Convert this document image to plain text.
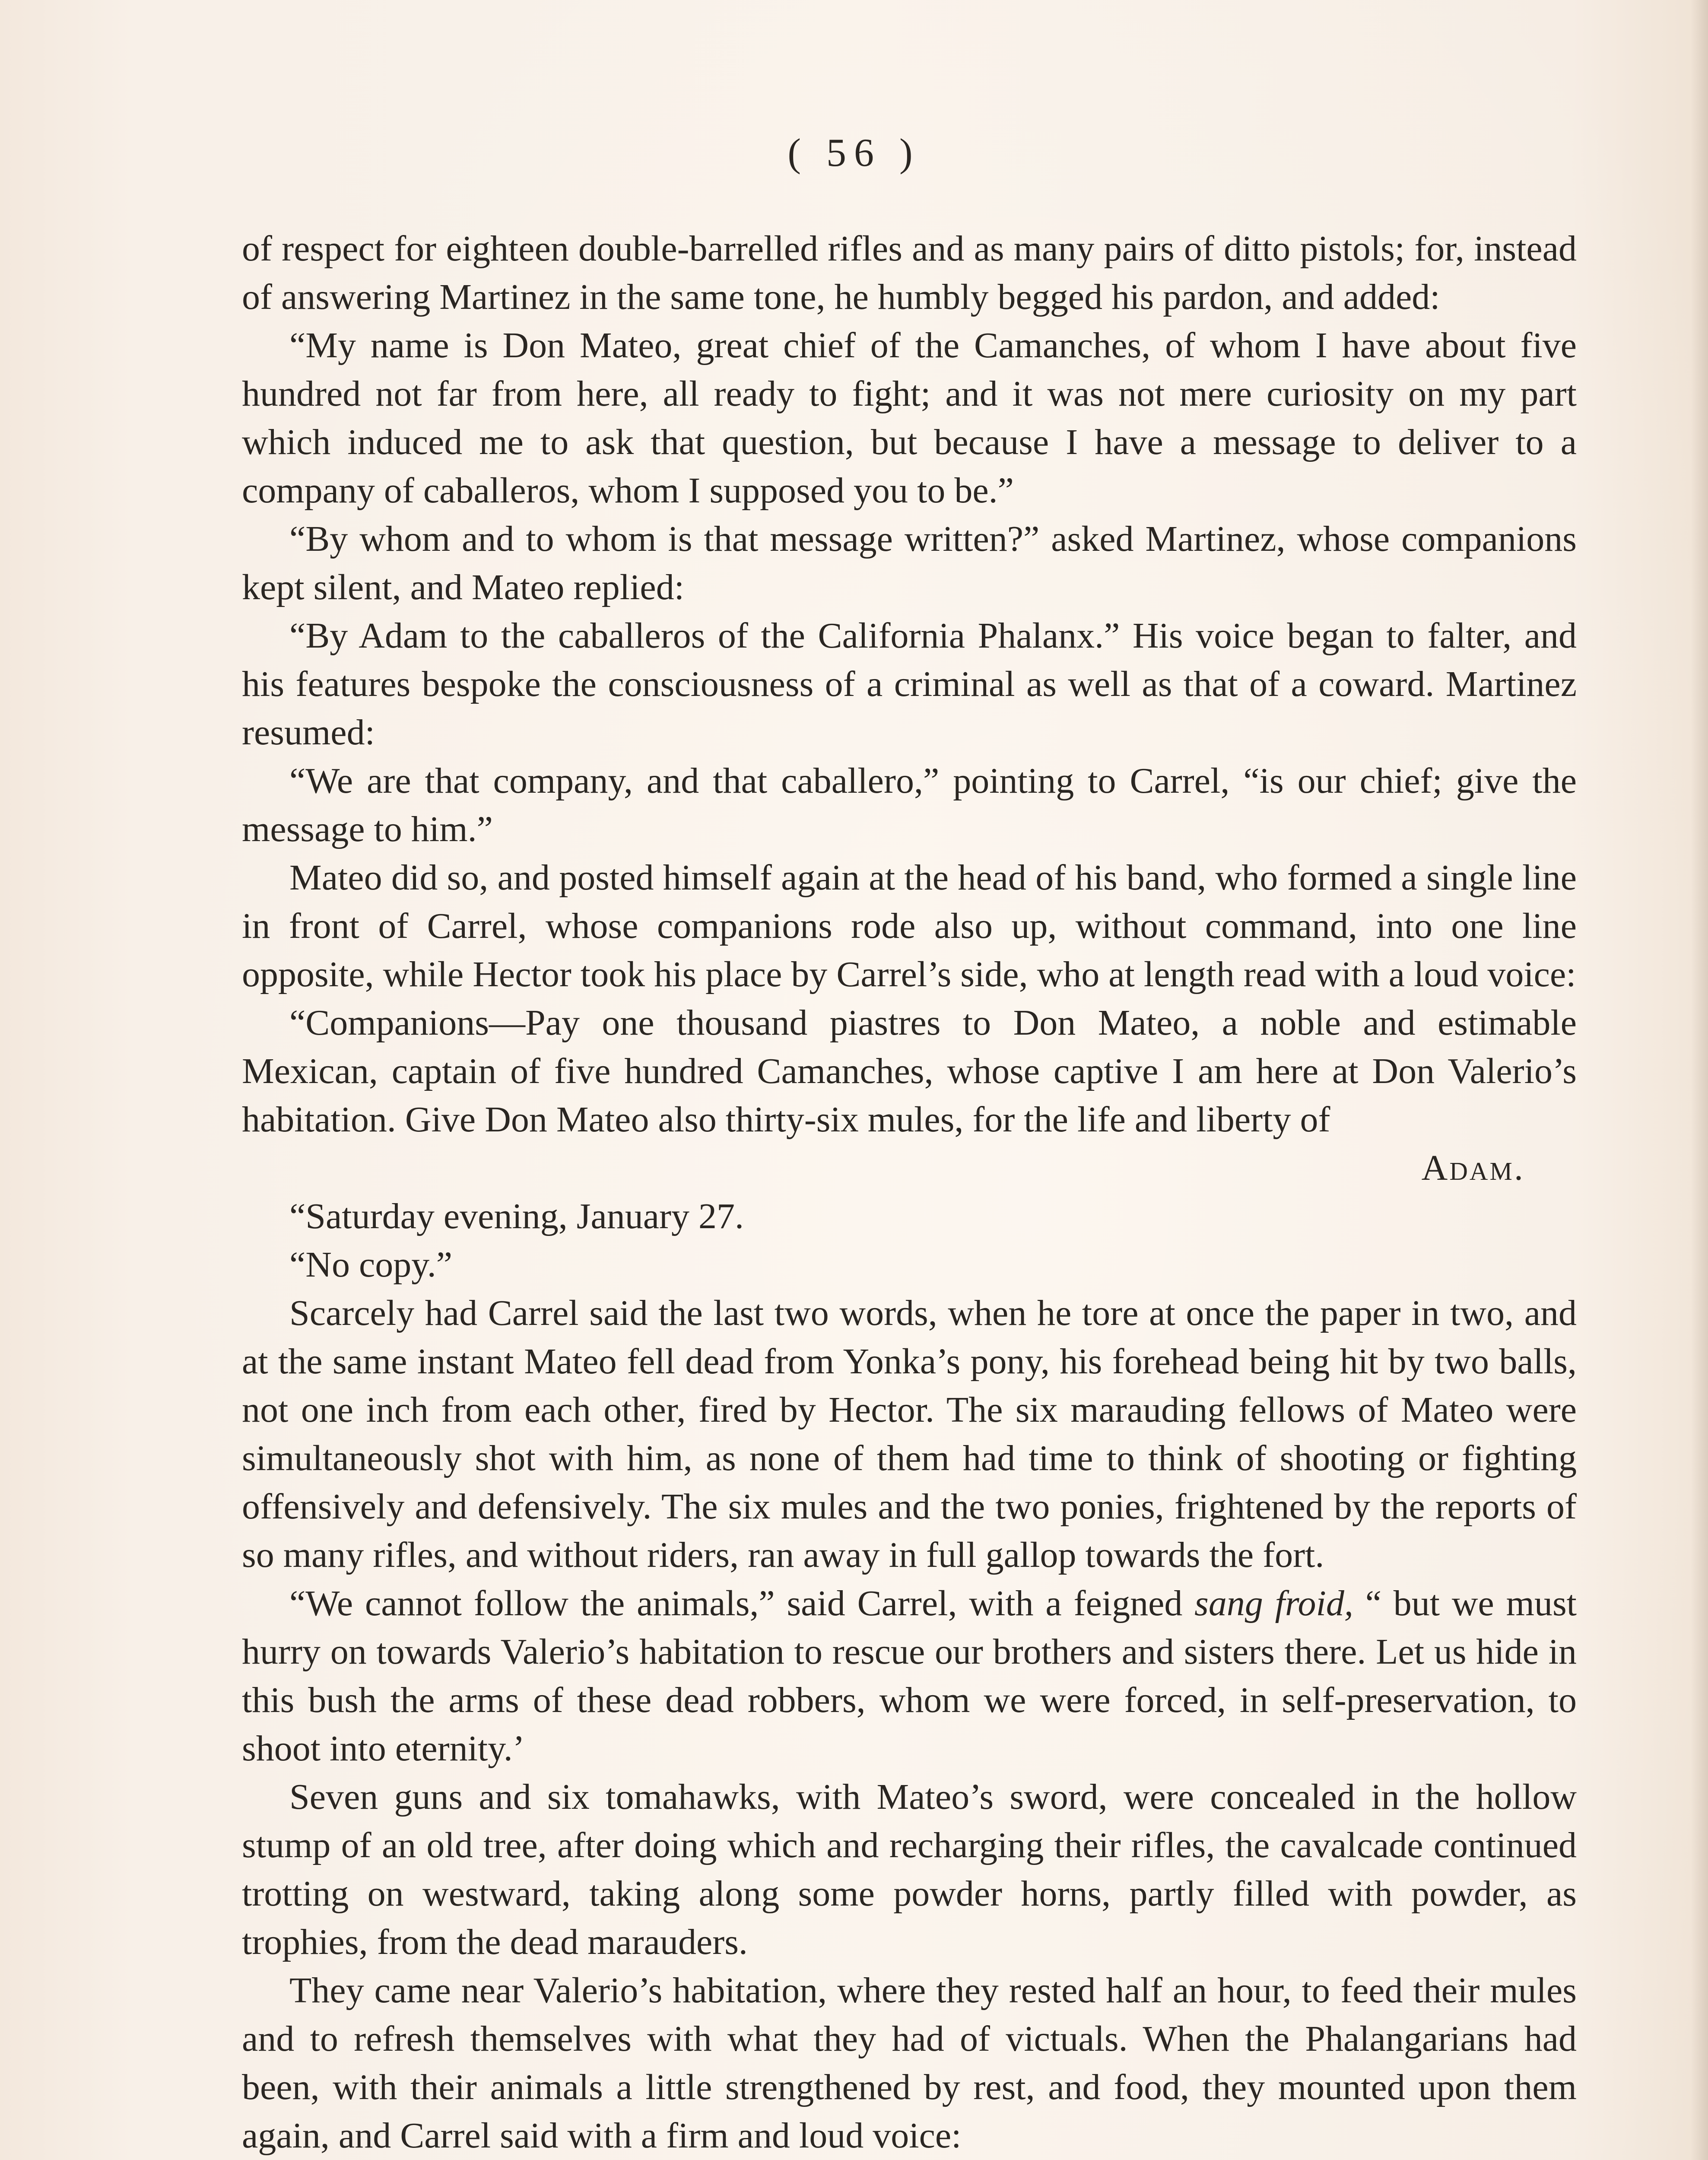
( 56 )

of respect for eighteen double-barrelled rifles and as many pairs of ditto pistols; for, instead of answering Martinez in the same tone, he humbly begged his pardon, and added:

“My name is Don Mateo, great chief of the Camanches, of whom I have about five hundred not far from here, all ready to fight; and it was not mere curiosity on my part which induced me to ask that question, but because I have a message to deliver to a company of caballeros, whom I supposed you to be.”

“By whom and to whom is that message written?” asked Martinez, whose companions kept silent, and Mateo replied:

“By Adam to the caballeros of the California Phalanx.” His voice began to falter, and his features bespoke the consciousness of a criminal as well as that of a coward. Martinez resumed:

“We are that company, and that caballero,” pointing to Carrel, “is our chief; give the message to him.”

Mateo did so, and posted himself again at the head of his band, who formed a single line in front of Carrel, whose companions rode also up, without command, into one line opposite, while Hector took his place by Carrel’s side, who at length read with a loud voice:

“Companions—Pay one thousand piastres to Don Mateo, a noble and estimable Mexican, captain of five hundred Camanches, whose captive I am here at Don Valerio’s habitation. Give Don Mateo also thirty-six mules, for the life and liberty of

Adam.

“Saturday evening, January 27.

“No copy.”

Scarcely had Carrel said the last two words, when he tore at once the paper in two, and at the same instant Mateo fell dead from Yonka’s pony, his forehead being hit by two balls, not one inch from each other, fired by Hector. The six marauding fellows of Mateo were simultaneously shot with him, as none of them had time to think of shooting or fighting offensively and defensively. The six mules and the two ponies, frightened by the reports of so many rifles, and without riders, ran away in full gallop towards the fort.

“We cannot follow the animals,” said Carrel, with a feigned sang froid, “ but we must hurry on towards Valerio’s habitation to rescue our brothers and sisters there. Let us hide in this bush the arms of these dead robbers, whom we were forced, in self-preservation, to shoot into eternity.’

Seven guns and six tomahawks, with Mateo’s sword, were concealed in the hollow stump of an old tree, after doing which and recharging their rifles, the cavalcade continued trotting on westward, taking along some powder horns, partly filled with powder, as trophies, from the dead marauders.

They came near Valerio’s habitation, where they rested half an hour, to feed their mules and to refresh themselves with what they had of victuals. When the Phalangarians had been, with their animals a little strengthened by rest, and food, they mounted upon them again, and Carrel said with a firm and loud voice:
